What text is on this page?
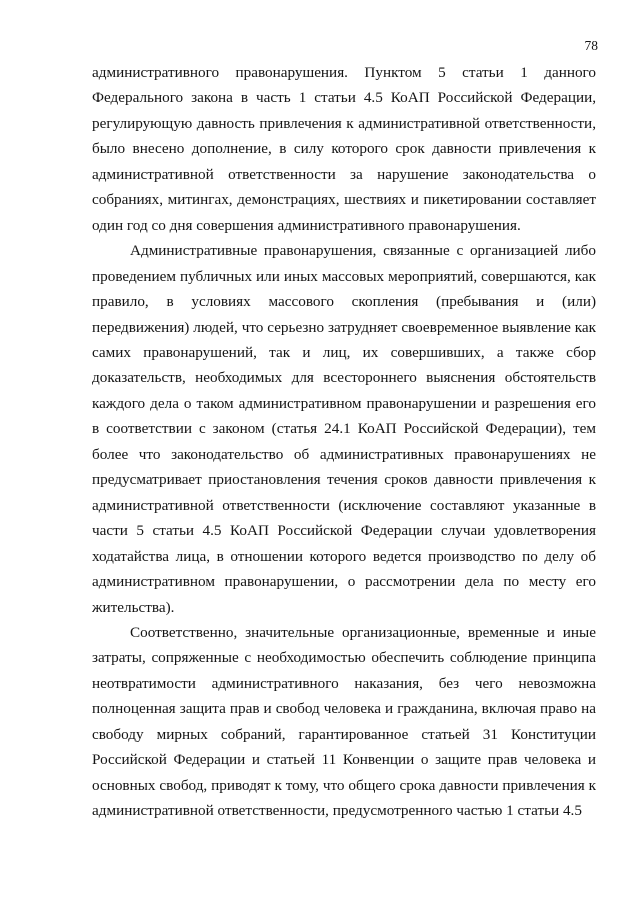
78

административного правонарушения. Пунктом 5 статьи 1 данного Федерального закона в часть 1 статьи 4.5 КоАП Российской Федерации, регулирующую давность привлечения к административной ответственности, было внесено дополнение, в силу которого срок давности привлечения к административной ответственности за нарушение законодательства о собраниях, митингах, демонстрациях, шествиях и пикетировании составляет один год со дня совершения административного правонарушения.

Административные правонарушения, связанные с организацией либо проведением публичных или иных массовых мероприятий, совершаются, как правило, в условиях массового скопления (пребывания и (или) передвижения) людей, что серьезно затрудняет своевременное выявление как самих правонарушений, так и лиц, их совершивших, а также сбор доказательств, необходимых для всестороннего выяснения обстоятельств каждого дела о таком административном правонарушении и разрешения его в соответствии с законом (статья 24.1 КоАП Российской Федерации), тем более что законодательство об административных правонарушениях не предусматривает приостановления течения сроков давности привлечения к административной ответственности (исключение составляют указанные в части 5 статьи 4.5 КоАП Российской Федерации случаи удовлетворения ходатайства лица, в отношении которого ведется производство по делу об административном правонарушении, о рассмотрении дела по месту его жительства).

Соответственно, значительные организационные, временные и иные затраты, сопряженные с необходимостью обеспечить соблюдение принципа неотвратимости административного наказания, без чего невозможна полноценная защита прав и свобод человека и гражданина, включая право на свободу мирных собраний, гарантированное статьей 31 Конституции Российской Федерации и статьей 11 Конвенции о защите прав человека и основных свобод, приводят к тому, что общего срока давности привлечения к административной ответственности, предусмотренного частью 1 статьи 4.5
